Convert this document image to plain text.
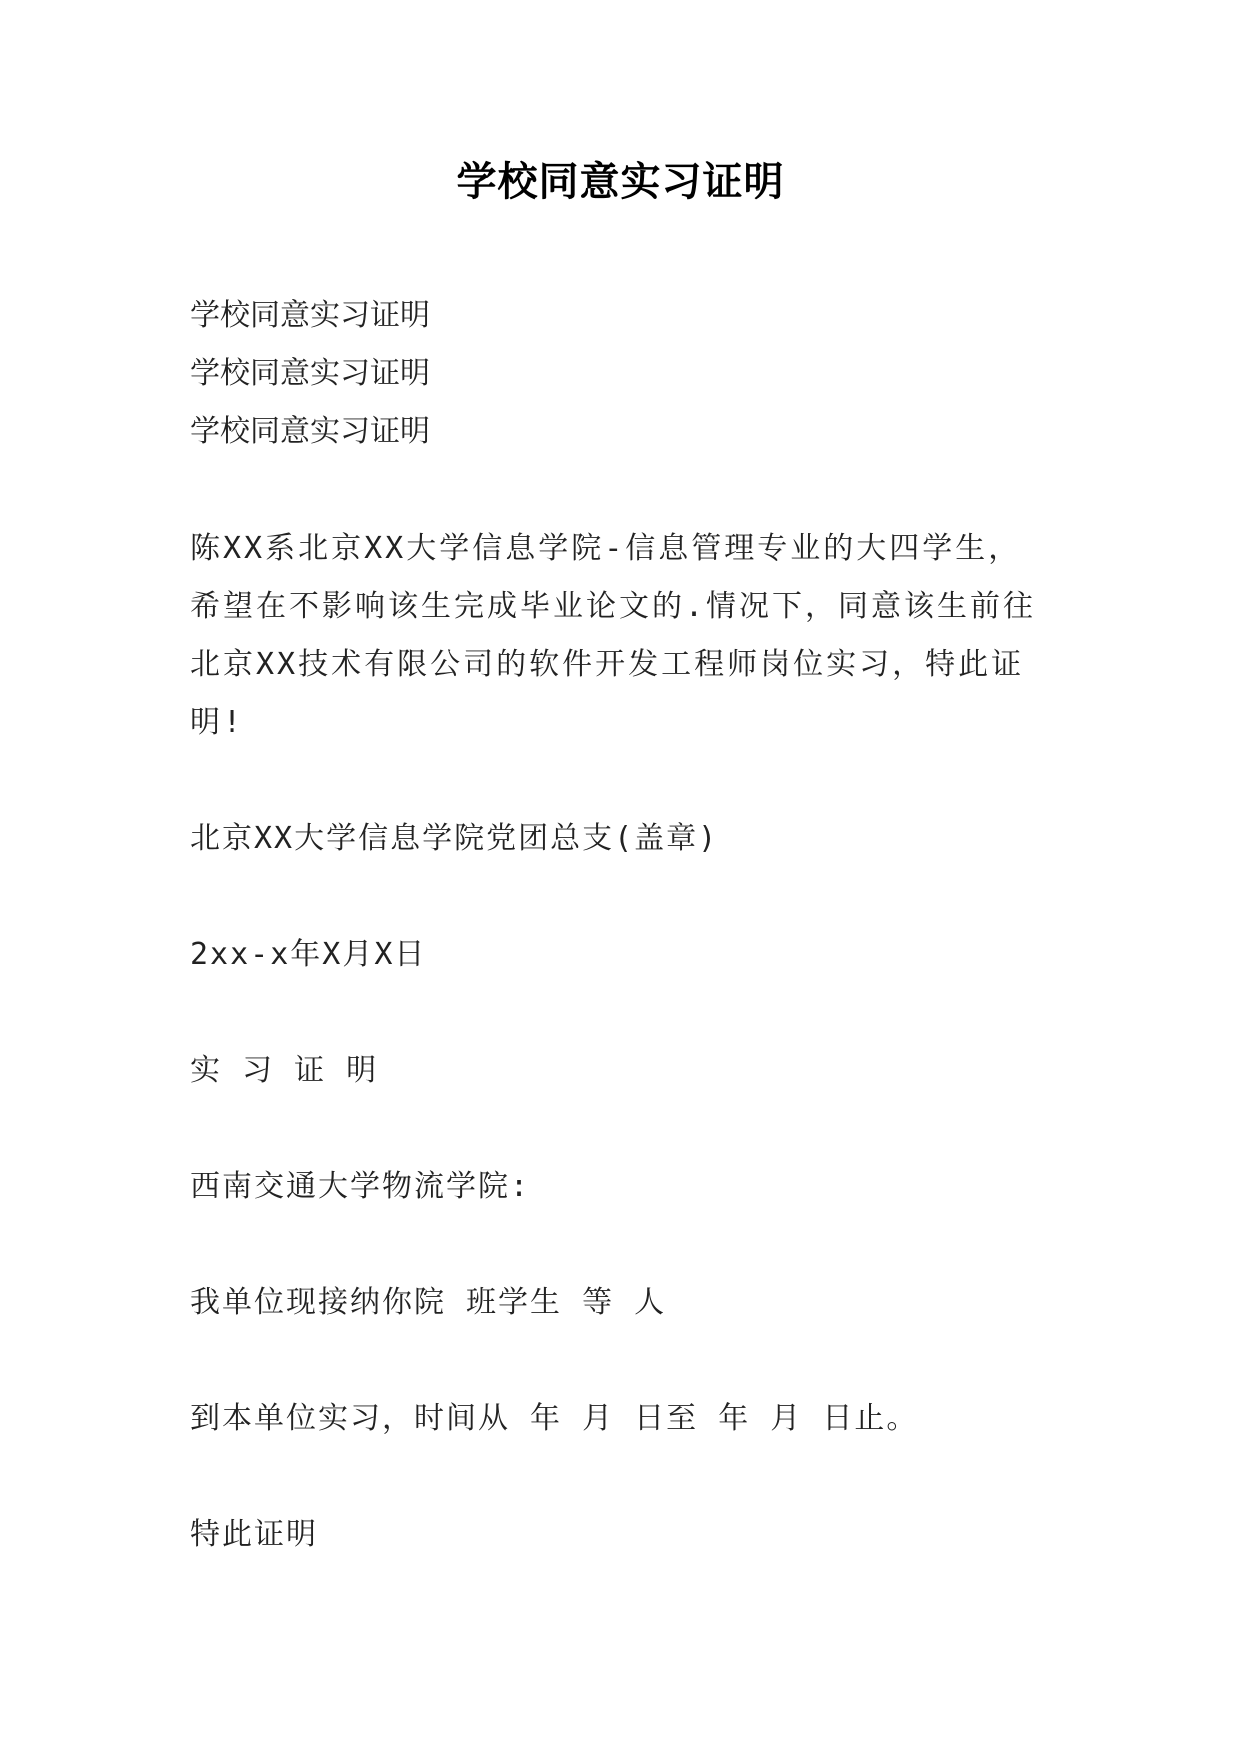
学校同意实习证明
学校同意实习证明
学校同意实习证明
学校同意实习证明
陈XX系北京XX大学信息学院-信息管理专业的大四学生，
希望在不影响该生完成毕业论文的.情况下，同意该生前往
北京XX技术有限公司的软件开发工程师岗位实习，特此证
明!
北京XX大学信息学院党团总支(盖章)
2xx-x年X月X日
实 习 证 明
西南交通大学物流学院:
我单位现接纳你院 班学生 等 人
到本单位实习，时间从 年 月 日至 年 月 日止。
特此证明
